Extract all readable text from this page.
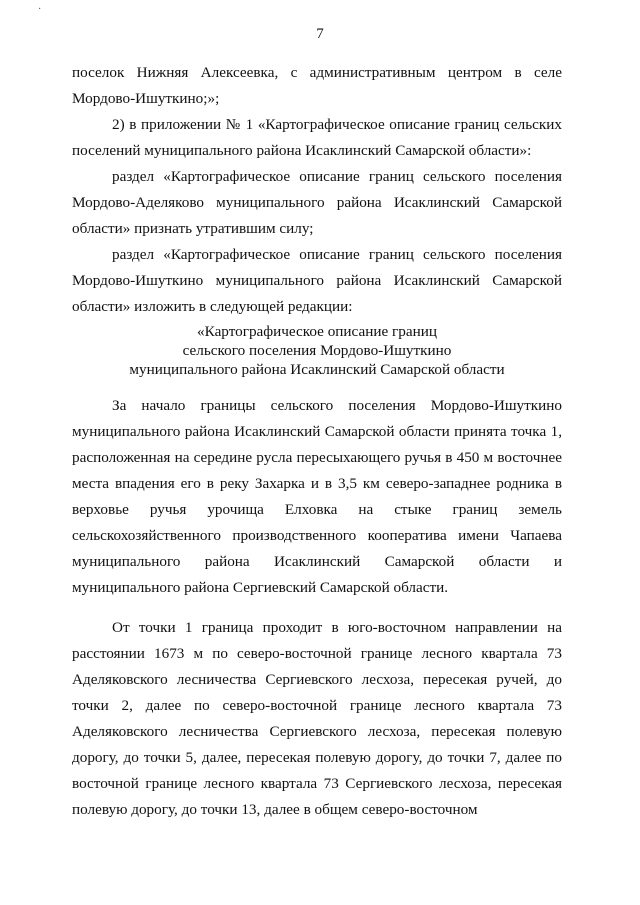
·
7

поселок Нижняя Алексеевка, с административным центром в селе Мордово-Ишуткино;»;

2) в приложении № 1 «Картографическое описание границ сельских поселений муниципального района Исаклинский Самарской области»:

раздел «Картографическое описание границ сельского поселения Мордово-Аделяково муниципального района Исаклинский Самарской области» признать утратившим силу;

раздел «Картографическое описание границ сельского поселения Мордово-Ишуткино муниципального района Исаклинский Самарской области» изложить в следующей редакции:

«Картографическое описание границ
сельского поселения Мордово-Ишуткино
муниципального района Исаклинский Самарской области

За начало границы сельского поселения Мордово-Ишуткино муниципального района Исаклинский Самарской области принята точка 1, расположенная на середине русла пересыхающего ручья в 450 м восточнее места впадения его в реку Захарка и в 3,5 км северо-западнее родника в верховье ручья урочища Елховка на стыке границ земель сельскохозяйственного производственного кооператива имени Чапаева муниципального района Исаклинский Самарской области и муниципального района Сергиевский Самарской области.

От точки 1 граница проходит в юго-восточном направлении на расстоянии 1673 м по северо-восточной границе лесного квартала 73 Аделяковского лесничества Сергиевского лесхоза, пересекая ручей, до точки 2, далее по северо-восточной границе лесного квартала 73 Аделяковского лесничества Сергиевского лесхоза, пересекая полевую дорогу, до точки 5, далее, пересекая полевую дорогу, до точки 7, далее по восточной границе лесного квартала 73 Сергиевского лесхоза, пересекая полевую дорогу, до точки 13, далее в общем северо-восточном
